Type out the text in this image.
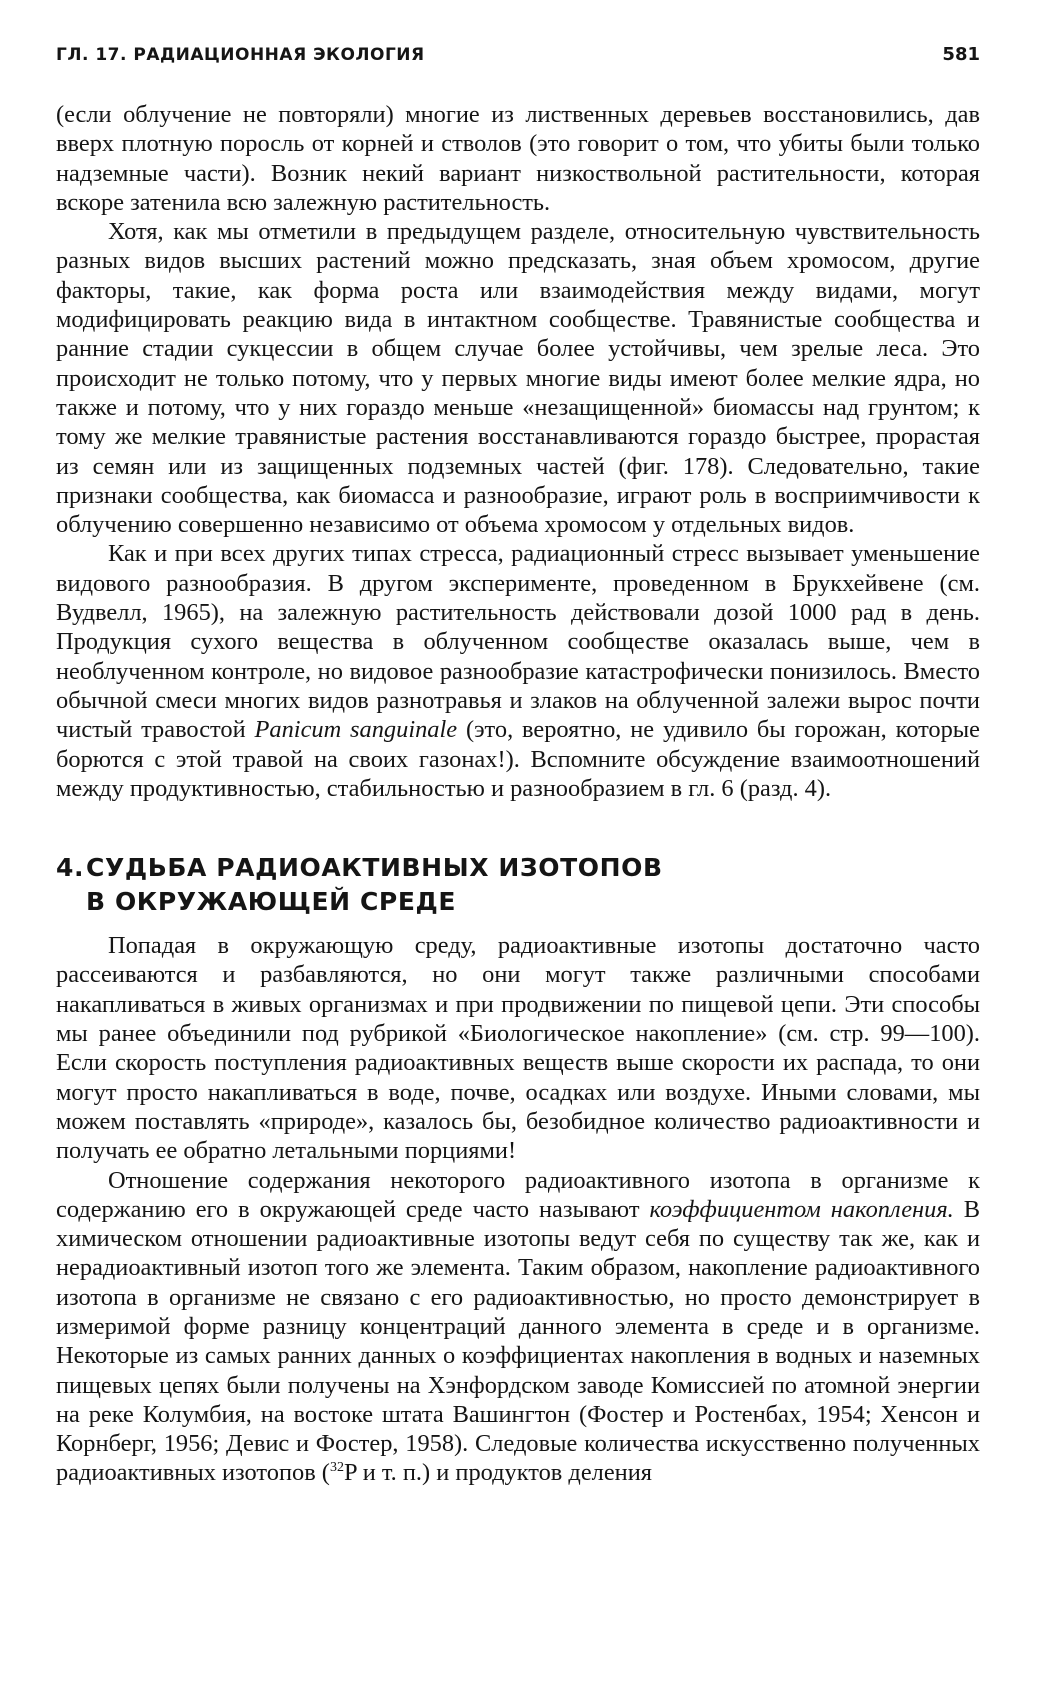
ГЛ. 17. РАДИАЦИОННАЯ ЭКОЛОГИЯ	581

(если облучение не повторяли) многие из лиственных деревьев восстановились, дав вверх плотную поросль от корней и стволов (это говорит о том, что убиты были только надземные части). Возник некий вариант низкоствольной растительности, которая вскоре затенила всю залежную растительность.

Хотя, как мы отметили в предыдущем разделе, относительную чувствительность разных видов высших растений можно предсказать, зная объем хромосом, другие факторы, такие, как форма роста или взаимодействия между видами, могут модифицировать реакцию вида в интактном сообществе. Травянистые сообщества и ранние стадии сукцессии в общем случае более устойчивы, чем зрелые леса. Это происходит не только потому, что у первых многие виды имеют более мелкие ядра, но также и потому, что у них гораздо меньше «незащищенной» биомассы над грунтом; к тому же мелкие травянистые растения восстанавливаются гораздо быстрее, прорастая из семян или из защищенных подземных частей (фиг. 178). Следовательно, такие признаки сообщества, как биомасса и разнообразие, играют роль в восприимчивости к облучению совершенно независимо от объема хромосом у отдельных видов.

Как и при всех других типах стресса, радиационный стресс вызывает уменьшение видового разнообразия. В другом эксперименте, проведенном в Брукхейвене (см. Вудвелл, 1965), на залежную растительность действовали дозой 1000 рад в день. Продукция сухого вещества в облученном сообществе оказалась выше, чем в необлученном контроле, но видовое разнообразие катастрофически понизилось. Вместо обычной смеси многих видов разнотравья и злаков на облученной залежи вырос почти чистый травостой Panicum sanguinale (это, вероятно, не удивило бы горожан, которые борются с этой травой на своих газонах!). Вспомните обсуждение взаимоотношений между продуктивностью, стабильностью и разнообразием в гл. 6 (разд. 4).

4.СУДЬБА РАДИОАКТИВНЫХ ИЗОТОПОВ
В ОКРУЖАЮЩЕЙ СРЕДЕ

Попадая в окружающую среду, радиоактивные изотопы достаточно часто рассеиваются и разбавляются, но они могут также различными способами накапливаться в живых организмах и при продвижении по пищевой цепи. Эти способы мы ранее объединили под рубрикой «Биологическое накопление» (см. стр. 99—100). Если скорость поступления радиоактивных веществ выше скорости их распада, то они могут просто накапливаться в воде, почве, осадках или воздухе. Иными словами, мы можем поставлять «природе», казалось бы, безобидное количество радиоактивности и получать ее обратно летальными порциями!

Отношение содержания некоторого радиоактивного изотопа в организме к содержанию его в окружающей среде часто называют коэффициентом накопления. В химическом отношении радиоактивные изотопы ведут себя по существу так же, как и нерадиоактивный изотоп того же элемента. Таким образом, накопление радиоактивного изотопа в организме не связано с его радиоактивностью, но просто демонстрирует в измеримой форме разницу концентраций данного элемента в среде и в организме. Некоторые из самых ранних данных о коэффициентах накопления в водных и наземных пищевых цепях были получены на Хэнфордском заводе Комиссией по атомной энергии на реке Колумбия, на востоке штата Вашингтон (Фостер и Ростенбах, 1954; Хенсон и Корнберг, 1956; Девис и Фостер, 1958). Следовые количества искусственно полученных радиоактивных изотопов ($^{32}$P и т. п.) и продуктов деления
